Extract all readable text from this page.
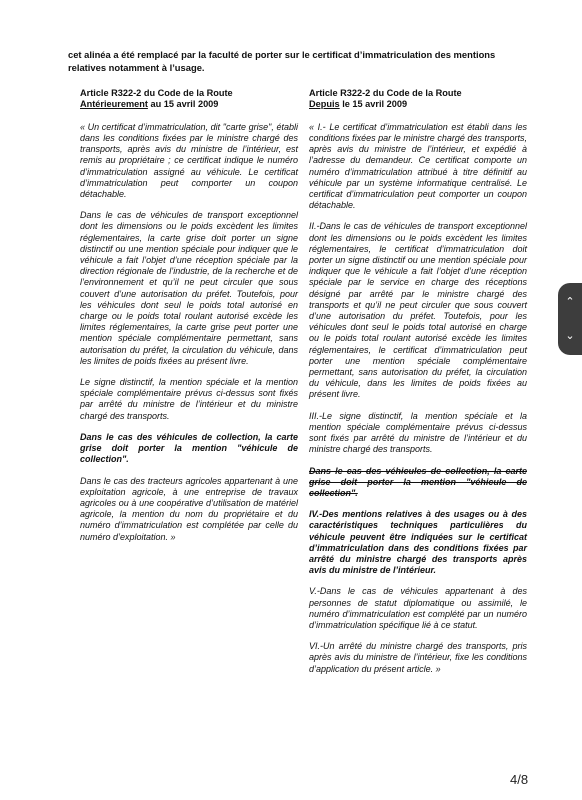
cet alinéa a été remplacé par la faculté de porter sur le certificat d’immatriculation des mentions relatives notamment à l’usage.
Article R322-2 du Code de la Route
Antérieurement au 15 avril 2009

« Un certificat d’immatriculation, dit "carte grise", établi dans les conditions fixées par le ministre chargé des transports, après avis du ministre de l’intérieur, est remis au propriétaire ; ce certificat indique le numéro d’immatriculation assigné au véhicule. Le certificat d’immatriculation peut comporter un coupon détachable.

Dans le cas de véhicules de transport exceptionnel dont les dimensions ou le poids excèdent les limites réglementaires, la carte grise doit porter un signe distinctif ou une mention spéciale pour indiquer que le véhicule a fait l’objet d’une réception spéciale par la direction régionale de l’industrie, de la recherche et de l’environnement et qu’il ne peut circuler que sous couvert d’une autorisation du préfet. Toutefois, pour les véhicules dont seul le poids total autorisé en charge ou le poids total roulant autorisé excède les limites réglementaires, la carte grise peut porter une mention spéciale complémentaire permettant, sans autorisation du préfet, la circulation du véhicule, dans les limites de poids fixées au présent livre.

Le signe distinctif, la mention spéciale et la mention spéciale complémentaire prévus ci-dessus sont fixés par arrêté du ministre de l’intérieur et du ministre chargé des transports.

Dans le cas des véhicules de collection, la carte grise doit porter la mention "véhicule de collection".

Dans le cas des tracteurs agricoles appartenant à une exploitation agricole, à une entreprise de travaux agricoles ou à une coopérative d’utilisation de matériel agricole, la mention du nom du propriétaire et du numéro d’immatriculation est complétée par celle du numéro d’exploitation. »

Article R322-2 du Code de la Route
Depuis le 15 avril 2009

« I.- Le certificat d’immatriculation est établi dans les conditions fixées par le ministre chargé des transports, après avis du ministre de l’intérieur, et expédié à l’adresse du demandeur. Ce certificat comporte un numéro d’immatriculation attribué à titre définitif au véhicule par un système informatique centralisé. Le certificat d’immatriculation peut comporter un coupon détachable.

II.-Dans le cas de véhicules de transport exceptionnel dont les dimensions ou le poids excèdent les limites réglementaires, le certificat d’immatriculation doit porter un signe distinctif ou une mention spéciale pour indiquer que le véhicule a fait l’objet d’une réception spéciale par le service en charge des réceptions désigné par arrêté par le ministre chargé des transports et qu’il ne peut circuler que sous couvert d’une autorisation du préfet. Toutefois, pour les véhicules dont seul le poids total autorisé en charge ou le poids total roulant autorisé excède les limites réglementaires, le certificat d’immatriculation peut porter une mention spéciale complémentaire permettant, sans autorisation du préfet, la circulation du véhicule, dans les limites de poids fixées au présent livre.

III.-Le signe distinctif, la mention spéciale et la mention spéciale complémentaire prévus ci-dessus sont fixés par arrêté du ministre de l’intérieur et du ministre chargé des transports.

Dans le cas des véhicules de collection, la carte grise doit porter la mention "véhicule de collection".

IV.-Des mentions relatives à des usages ou à des caractéristiques techniques particulières du véhicule peuvent être indiquées sur le certificat d’immatriculation dans des conditions fixées par arrêté du ministre chargé des transports après avis du ministre de l’intérieur.

V.-Dans le cas de véhicules appartenant à des personnes de statut diplomatique ou assimilé, le numéro d’immatriculation est complété par un numéro d’immatriculation spécifique lié à ce statut.

VI.-Un arrêté du ministre chargé des transports, pris après avis du ministre de l’intérieur, fixe les conditions d’application du présent article. »

⌃
⌄
4/8
